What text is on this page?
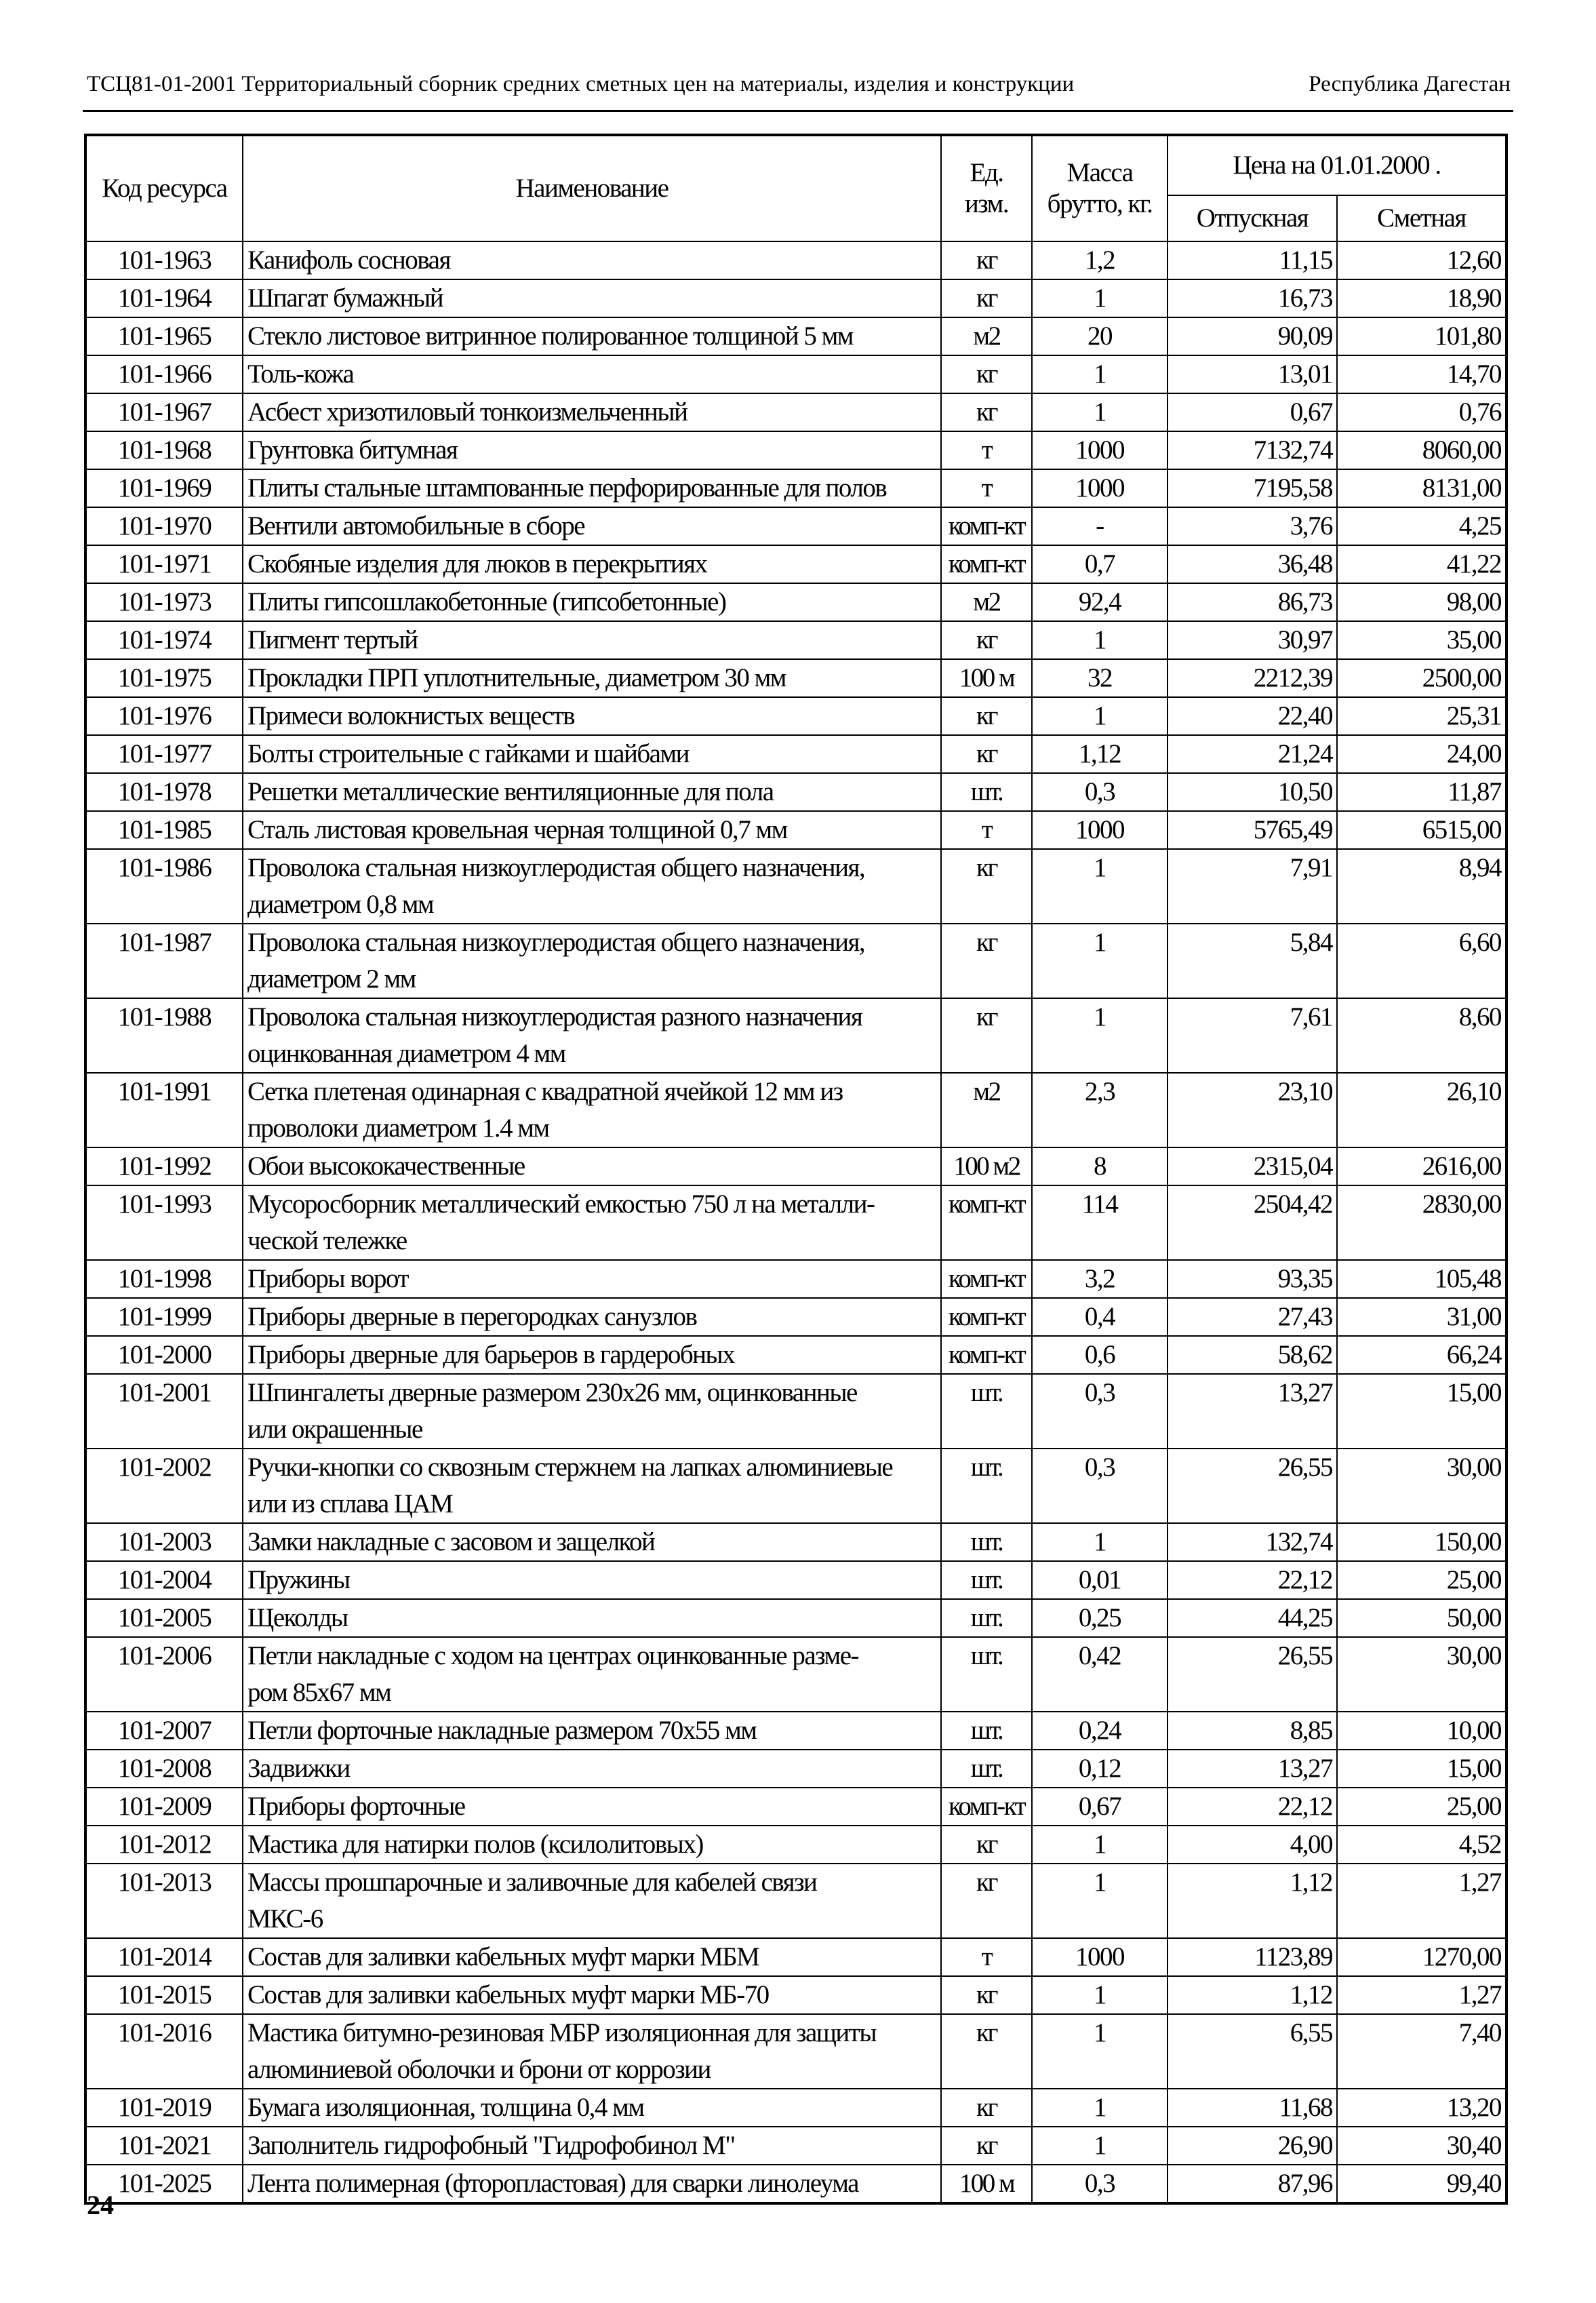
ТСЦ81-01-2001 Территориальный сборник средних сметных цен на материалы, изделия и конструкции	Республика Дагестан
Код ресурса	Наименование	Ед. изм.	Масса брутто, кг.	Цена на 01.01.2000 .	
				Отпускная	Сметная
101-1963	Канифоль сосновая	кг	1,2	11,15	12,60
101-1964	Шпагат бумажный	кг	1	16,73	18,90
101-1965	Стекло листовое витринное полированное толщиной 5 мм	м2	20	90,09	101,80
101-1966	Толь-кожа	кг	1	13,01	14,70
101-1967	Асбест хризотиловый тонкоизмельченный	кг	1	0,67	0,76
101-1968	Грунтовка битумная	т	1000	7132,74	8060,00
101-1969	Плиты стальные штампованные перфорированные для полов	т	1000	7195,58	8131,00
101-1970	Вентили автомобильные в сборе	комп-кт	-	3,76	4,25
101-1971	Скобяные изделия для люков в перекрытиях	комп-кт	0,7	36,48	41,22
101-1973	Плиты гипсошлакобетонные (гипсобетонные)	м2	92,4	86,73	98,00
101-1974	Пигмент тертый	кг	1	30,97	35,00
101-1975	Прокладки ПРП уплотнительные, диаметром 30 мм	100 м	32	2212,39	2500,00
101-1976	Примеси волокнистых веществ	кг	1	22,40	25,31
101-1977	Болты строительные с гайками и шайбами	кг	1,12	21,24	24,00
101-1978	Решетки металлические вентиляционные для пола	шт.	0,3	10,50	11,87
101-1985	Сталь листовая кровельная черная толщиной 0,7 мм	т	1000	5765,49	6515,00
101-1986	Проволока стальная низкоуглеродистая общего назначения,
диаметром 0,8 мм	кг	1	7,91	8,94
101-1987	Проволока стальная низкоуглеродистая общего назначения,
диаметром 2 мм	кг	1	5,84	6,60
101-1988	Проволока стальная низкоуглеродистая разного назначения
оцинкованная диаметром 4 мм	кг	1	7,61	8,60
101-1991	Сетка плетеная одинарная с квадратной ячейкой 12 мм из
проволоки диаметром 1.4 мм	м2	2,3	23,10	26,10
101-1992	Обои высококачественные	100 м2	8	2315,04	2616,00
101-1993	Мусоросборник металлический емкостью 750 л на металли-
ческой тележке	комп-кт	114	2504,42	2830,00
101-1998	Приборы ворот	комп-кт	3,2	93,35	105,48
101-1999	Приборы дверные в перегородках санузлов	комп-кт	0,4	27,43	31,00
101-2000	Приборы дверные для барьеров в гардеробных	комп-кт	0,6	58,62	66,24
101-2001	Шпингалеты дверные размером 230х26 мм, оцинкованные
или окрашенные	шт.	0,3	13,27	15,00
101-2002	Ручки-кнопки со сквозным стержнем на лапках алюминиевые
или из сплава ЦАМ	шт.	0,3	26,55	30,00
101-2003	Замки накладные с засовом и защелкой	шт.	1	132,74	150,00
101-2004	Пружины	шт.	0,01	22,12	25,00
101-2005	Щеколды	шт.	0,25	44,25	50,00
101-2006	Петли накладные с ходом на центрах оцинкованные разме-
ром 85х67 мм	шт.	0,42	26,55	30,00
101-2007	Петли форточные накладные размером 70х55 мм	шт.	0,24	8,85	10,00
101-2008	Задвижки	шт.	0,12	13,27	15,00
101-2009	Приборы форточные	комп-кт	0,67	22,12	25,00
101-2012	Мастика для натирки полов (ксилолитовых)	кг	1	4,00	4,52
101-2013	Массы прошпарочные и заливочные для кабелей связи
МКС-6	кг	1	1,12	1,27
101-2014	Состав для заливки кабельных муфт марки МБМ	т	1000	1123,89	1270,00
101-2015	Состав для заливки кабельных муфт марки МБ-70	кг	1	1,12	1,27
101-2016	Мастика битумно-резиновая МБР изоляционная для защиты
алюминиевой оболочки и брони от коррозии	кг	1	6,55	7,40
101-2019	Бумага изоляционная, толщина 0,4 мм	кг	1	11,68	13,20
101-2021	Заполнитель гидрофобный "Гидрофобинол М"	кг	1	26,90	30,40
101-2025	Лента полимерная (фторопластовая) для сварки линолеума	100 м	0,3	87,96	99,40
24
